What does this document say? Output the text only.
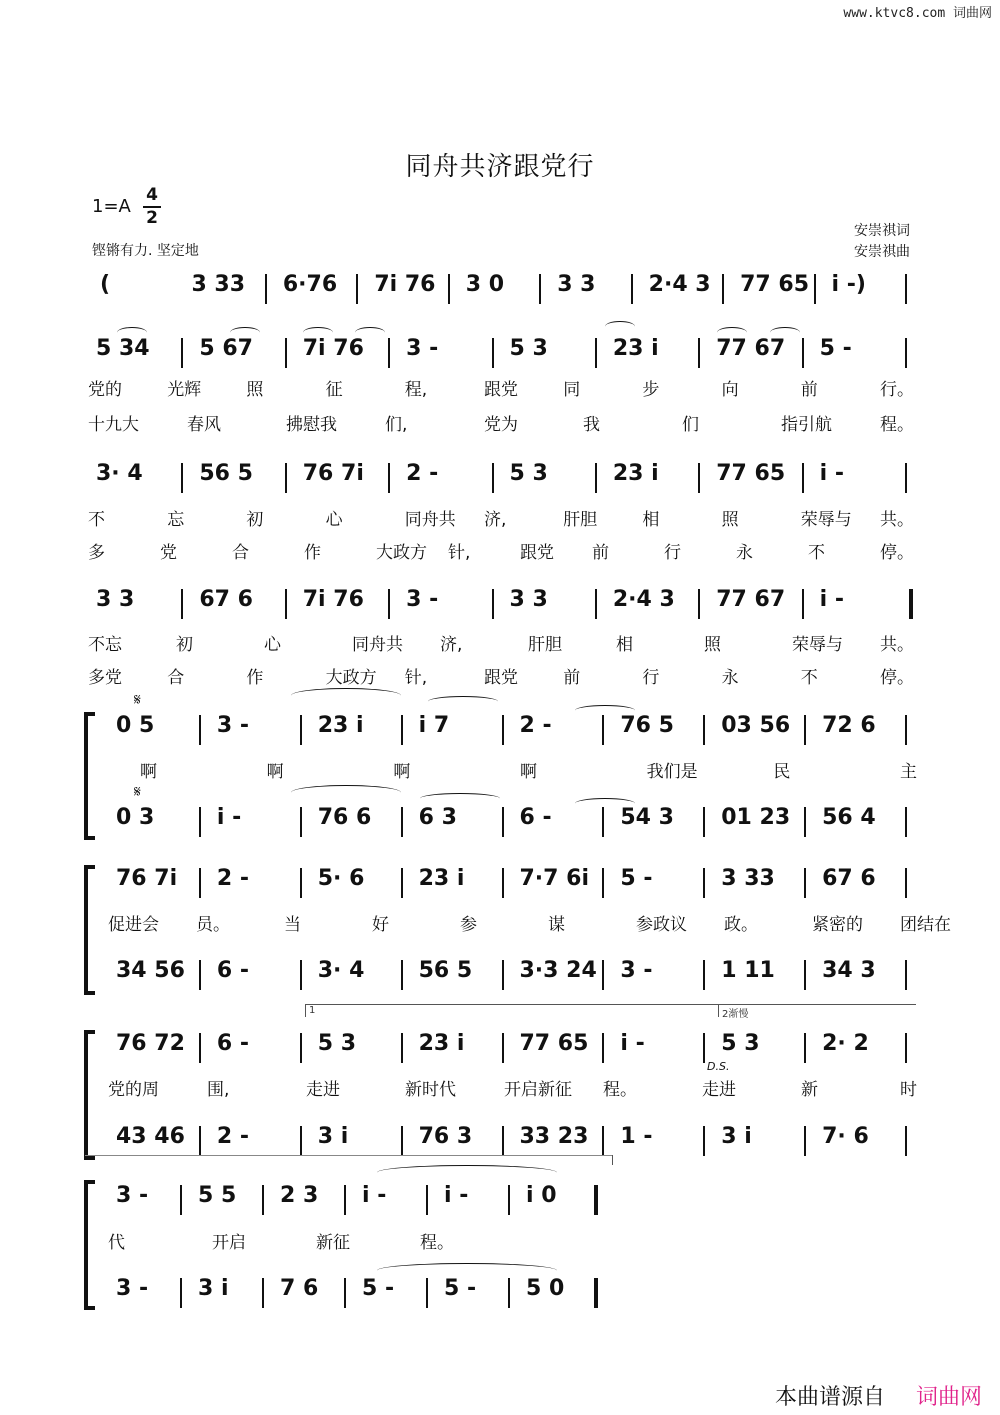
www.ktvc8.com 词曲网
同舟共济跟党行
1=A
4
2
铿锵有力. 坚定地
安崇祺词
安崇祺曲
(	3 33 6·76 7i 76 3 0 3 3 2·4 3 77 65 i -)
5 34 5 67 7i 76 3 -	5 3	23 i	77 67 5 -
3· 4	56 5 76 7i 2 -	5 3	23 i	77 65 i -
3 3	67 6 7i 76 3 -	3 3	2·4 3 77 67 i -
0 5	3 -	23 i	i 7	2 -	76 5 03 56 72 6
0 3	i -	76 6 6 3	6 -	54 3 01 23 56 4
76 7i 2 -	5· 6 23 i	7·7 6i 5 -	3 33 67 6
34 56 6 -	3· 4 56 5 3·3 24 3 -	1 11 34 3
76 72 6 -	5 3	23 i	77 65 i -	5 3	2· 2
43 46 2 -	3 i	76 3 33 23 1 -	3 i	7· 6
3 - 5 5 2 3 i -	i -	i 0
3 - 3 i 7 6 5 - 5 - 5 0
党的	光辉	照	征	程,	跟党	同	步	向	前	行。
十九大	春风	拂慰我	们,	党为	我	们	指引航	程。
不	忘	初	心	同舟共 济,	肝胆	相	照	荣辱与 共。
多	党	合	作	大政方 针,	跟党 前	行	永	不	停。
不忘	初	心	同舟共 济,	肝胆	相	照	荣辱与 共。
多党	合	作	大政方 针,	跟党	前	行	永	不	停。
啊	啊	啊	啊	我们是	民	主
促进会 员。	当	好	参	谋	参政议 政。	紧密的 团结在
党的周	围,	走进	新时代	开启新征 程。	走进	新	时
代	开启	新征	程。
𝄋
𝄋
1	2渐慢
D.S.
本曲谱源自 词曲网
